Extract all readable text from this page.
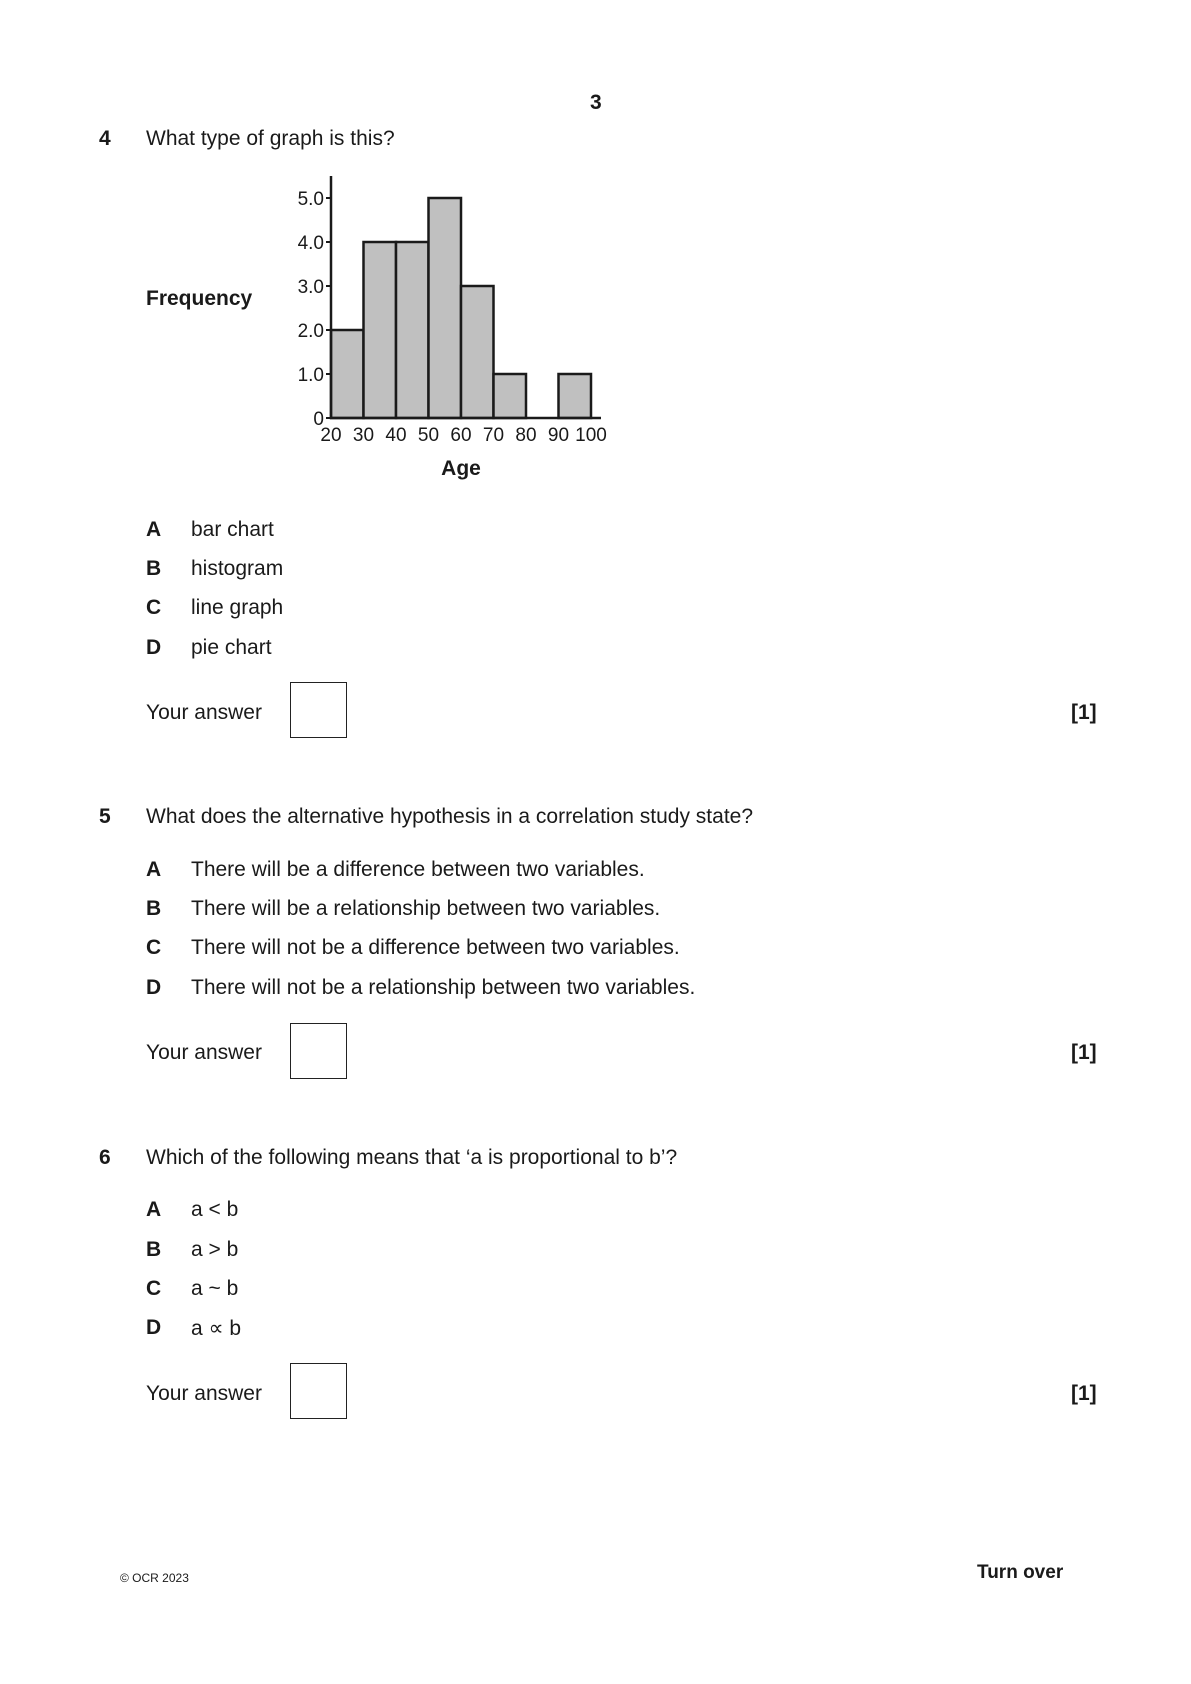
3
4 What type of graph is this?
Frequency
Age
0
1.0
2.0
3.0
4.0
5.0
20 30 40 50 60 70 80 90 100
A bar chart
B histogram
C line graph
D pie chart
Your answer	[1]
5 What does the alternative hypothesis in a correlation study state?
A There will be a difference between two variables.
B There will be a relationship between two variables.
C There will not be a difference between two variables.
D There will not be a relationship between two variables.
Your answer	[1]
6 Which of the following means that ‘a is proportional to b’?
A a < b
B a > b
C a ~ b
D a ∝ b
Your answer	[1]
© OCR 2023	Turn over
